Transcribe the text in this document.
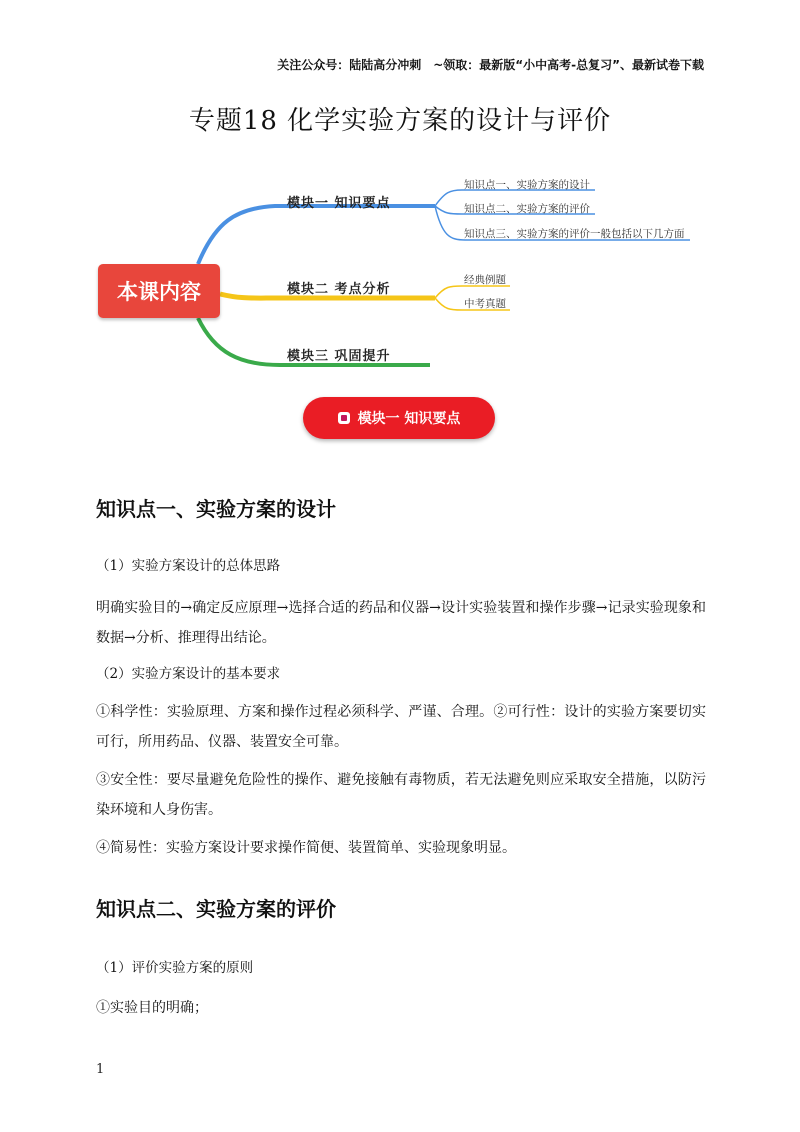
关注公众号：陆陆高分冲刺　~领取：最新版“小中高考-总复习”、最新试卷下载
专题18 化学实验方案的设计与评价
本课内容
模块一 知识要点
知识点一、实验方案的设计
知识点二、实验方案的评价
知识点三、实验方案的评价一般包括以下几方面
模块二 考点分析
经典例题
中考真题
模块三 巩固提升
模块一 知识要点
知识点一、实验方案的设计
（1）实验方案设计的总体思路
明确实验目的→确定反应原理→选择合适的药品和仪器→设计实验装置和操作步骤→记录实验现象和数据→分析、推理得出结论。
（2）实验方案设计的基本要求
①科学性：实验原理、方案和操作过程必须科学、严谨、合理。②可行性：设计的实验方案要切实可行，所用药品、仪器、装置安全可靠。
③安全性：要尽量避免危险性的操作、避免接触有毒物质，若无法避免则应采取安全措施，以防污染环境和人身伤害。
④简易性：实验方案设计要求操作简便、装置简单、实验现象明显。
知识点二、实验方案的评价
（1）评价实验方案的原则
①实验目的明确；
1
